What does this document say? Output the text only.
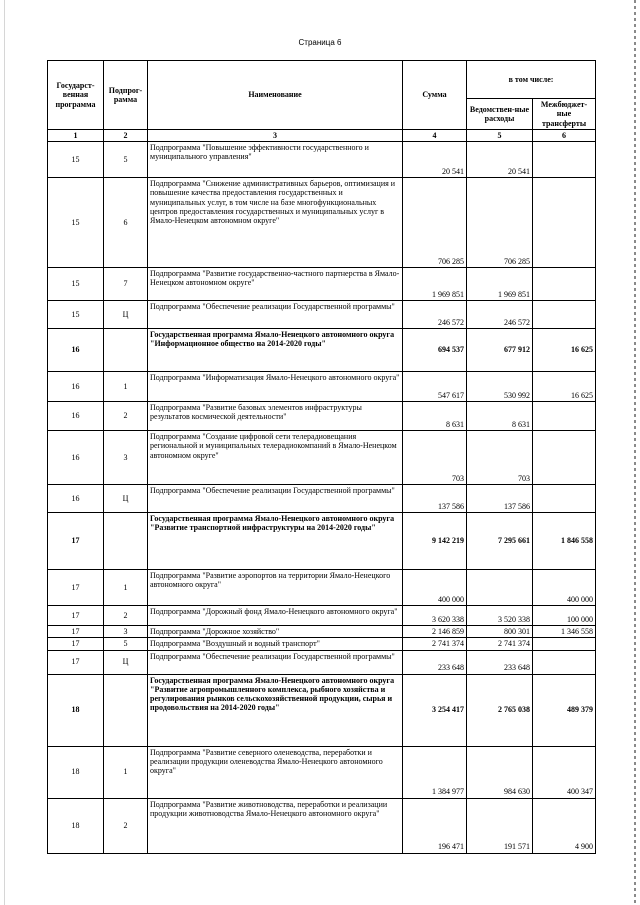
Страница 6
Государст-венная программа	Подпрог-рамма	Наименование	Сумма	в том числе:	
				Ведомствен-ные расходы	Межбюджет-ные трансферты
1	2	3	4	5	6
15	5	Подпрограмма "Повышение эффективности государственного и муниципального управления"	20 541	20 541	
15	6	Подпрограмма "Снижение административных барьеров, оптимизация и повышение качества предоставления государственных и муниципальных услуг, в том числе на базе многофункциональных центров предоставления государственных и муниципальных услуг в Ямало-Ненецком автономном округе"	706 285	706 285	
15	7	Подпрограмма "Развитие государственно-частного партнерства в Ямало-Ненецком автономном округе"	1 969 851	1 969 851	
15	Ц	Подпрограмма "Обеспечение реализации Государственной программы"	246 572	246 572	
16		Государственная программа Ямало-Ненецкого автономного округа "Информационное общество на 2014-2020 годы"	694 537	677 912	16 625
16	1	Подпрограмма "Информатизация Ямало-Ненецкого автономного округа"	547 617	530 992	16 625
16	2	Подпрограмма "Развитие базовых элементов инфраструктуры результатов космической деятельности"	8 631	8 631	
16	3	Подпрограмма "Создание цифровой сети телерадиовещания региональной и муниципальных телерадиокомпаний в Ямало-Ненецком автономном округе"	703	703	
16	Ц	Подпрограмма "Обеспечение реализации Государственной программы"	137 586	137 586	
17		Государственная программа Ямало-Ненецкого автономного округа "Развитие транспортной инфраструктуры на 2014-2020 годы"	9 142 219	7 295 661	1 846 558
17	1	Подпрограмма "Развитие аэропортов на территории Ямало-Ненецкого автономного округа"	400 000		400 000
17	2	Подпрограмма "Дорожный фонд Ямало-Ненецкого автономного округа"	3 620 338	3 520 338	100 000
17	3	Подпрограмма "Дорожное хозяйство"	2 146 859	800 301	1 346 558
17	5	Подпрограмма "Воздушный и водный транспорт"	2 741 374	2 741 374	
17	Ц	Подпрограмма "Обеспечение реализации Государственной программы"	233 648	233 648	
18		Государственная программа Ямало-Ненецкого автономного округа "Развитие агропромышленного комплекса, рыбного хозяйства и регулирования рынков сельскохозяйственной продукции, сырья и продовольствия на 2014-2020 годы"	3 254 417	2 765 038	489 379
18	1	Подпрограмма "Развитие северного оленеводства, переработки и реализации продукции оленеводства Ямало-Ненецкого автономного округа"	1 384 977	984 630	400 347
18	2	Подпрограмма "Развитие животноводства, переработки и реализации продукции животноводства Ямало-Ненецкого автономного округа"	196 471	191 571	4 900
